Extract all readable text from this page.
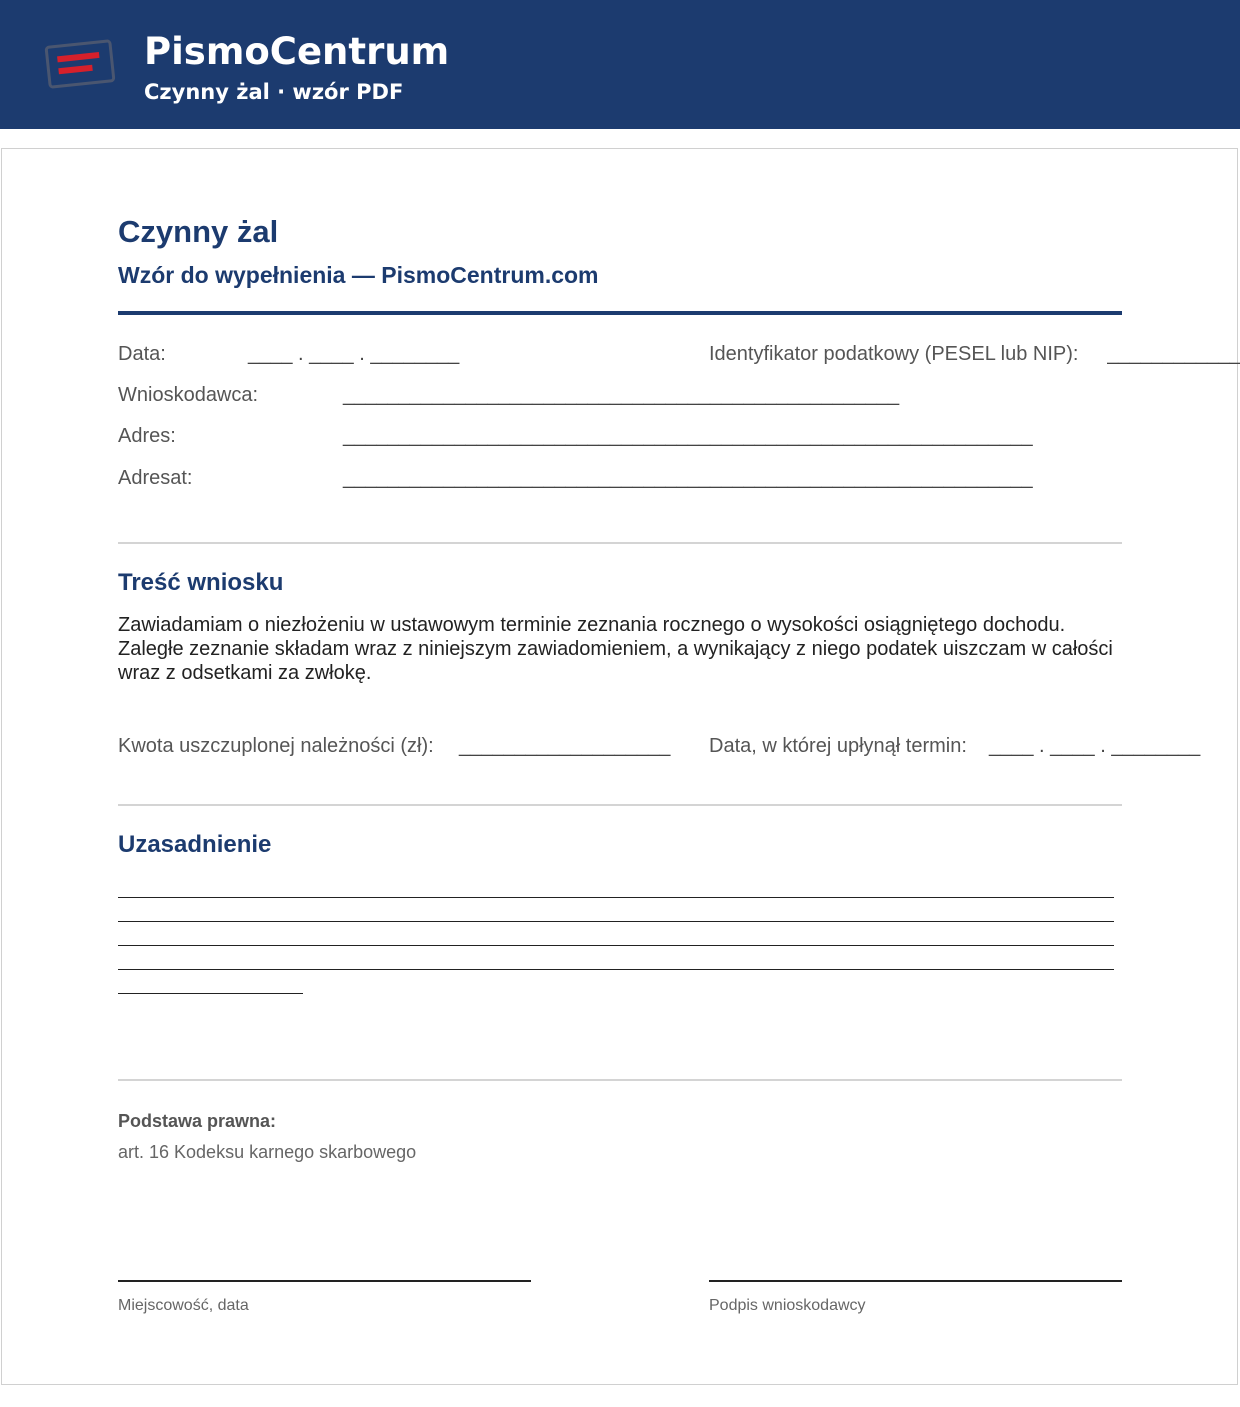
PismoCentrum
Czynny żal · wzór PDF
Czynny żal
Wzór do wypełnienia — PismoCentrum.com
Data:	____ . ____ . ________	Identyfikator podatkowy (PESEL lub NIP): ____________
Wnioskodawca:	__________________________________________________
Adres:	______________________________________________________________
Adresat:	______________________________________________________________
Treść wniosku
Zawiadamiam o niezłożeniu w ustawowym terminie zeznania rocznego o wysokości osiągniętego dochodu. Zaległe zeznanie składam wraz z niniejszym zawiadomieniem, a wynikający z niego podatek uiszczam w całości wraz z odsetkami za zwłokę.
Kwota uszczuplonej należności (zł): ___________________ Data, w której upłynął termin: ____ . ____ . ________
Uzasadnienie
Podstawa prawna:
art. 16 Kodeksu karnego skarbowego
Miejscowość, data	Podpis wnioskodawcy
